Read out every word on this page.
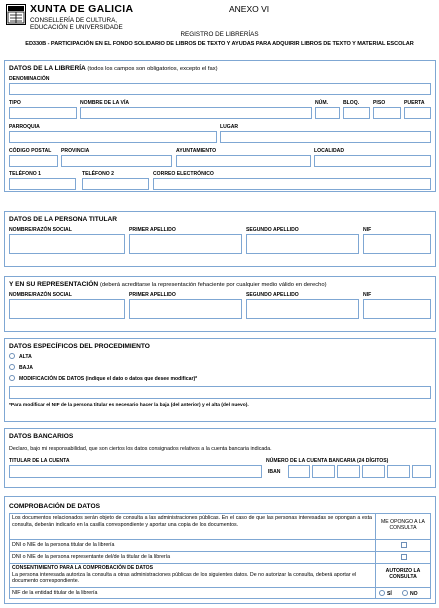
XUNTA DE GALICIA
CONSELLERÍA DE CULTURA,
EDUCACIÓN E UNIVERSIDADE
ANEXO VI
REGISTRO DE LIBRERÍAS
ED330B - PARTICIPACIÓN EN EL FONDO SOLIDARIO DE LIBROS DE TEXTO Y AYUDAS PARA ADQUIRIR LIBROS DE TEXTO Y MATERIAL ESCOLAR
DATOS DE LA LIBRERÍA (todos los campos son obligatorios, excepto el fax)
DENOMINACIÓN
TIPO	NOMBRE DE LA VÍA	NÚM.	BLOQ.	PISO	PUERTA
PARROQUIA	LUGAR
CÓDIGO POSTAL PROVINCIA	AYUNTAMIENTO	LOCALIDAD
TELÉFONO 1	TELÉFONO 2	CORREO ELECTRÓNICO
DATOS DE LA PERSONA TITULAR
NOMBRE/RAZÓN SOCIAL	PRIMER APELLIDO	SEGUNDO APELLIDO	NIF
Y EN SU REPRESENTACIÓN (deberá acreditarse la representación fehaciente por cualquier medio válido en derecho)
NOMBRE/RAZÓN SOCIAL	PRIMER APELLIDO	SEGUNDO APELLIDO	NIF
DATOS ESPECÍFICOS DEL PROCEDIMIENTO
ALTA
BAJA
MODIFICACIÓN DE DATOS (indique el dato o datos que desee modificar)*
*Para modificar el NIF de la persona titular es necesario hacer la baja (del anterior) y el alta (del nuevo).
DATOS BANCARIOS
Declaro, bajo mi responsabilidad, que son ciertos los datos consignados relativos a la cuenta bancaria indicada.
TITULAR DE LA CUENTA	NÚMERO DE LA CUENTA BANCARIA (24 DÍGITOS)
IBAN
COMPROBACIÓN DE DATOS
Los documentos relacionados serán objeto de consulta a las administraciones públicas. En el caso de que las personas interesadas se opongan a esta consulta, deberán indicarlo en la casilla correspondiente y aportar una copia de los documentos.	ME OPONGO A LA CONSULTA
DNI o NIE de la persona titular de la librería
DNI o NIE de la persona representante del/de la titular de la librería
CONSENTIMIENTO PARA LA COMPROBACIÓN DE DATOS
La persona interesada autoriza la consulta a otras administraciones públicas de los siguientes datos. De no autorizar la consulta, deberá aportar el documento correspondiente.
AUTORIZO LA CONSULTA
NIF de la entidad titular de la librería	SÍ	NO
